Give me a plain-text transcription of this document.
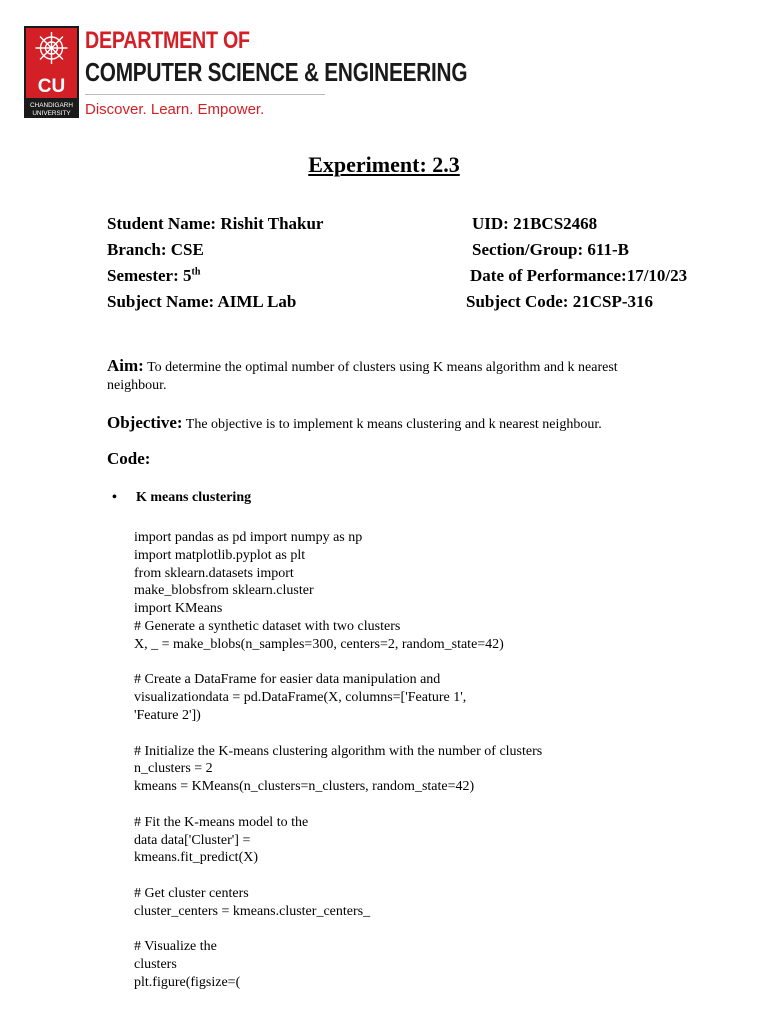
CU
CHANDIGARH
UNIVERSITY
DEPARTMENT OF
COMPUTER SCIENCE & ENGINEERING
Discover. Learn. Empower.
Experiment: 2.3
Student Name: Rishit Thakur	UID: 21BCS2468
Branch: CSE	Section/Group: 611-B
Semester: 5th	Date of Performance:17/10/23
Subject Name: AIML Lab	Subject Code: 21CSP-316
Aim: To determine the optimal number of clusters using K means algorithm and k nearest neighbour.
Objective: The objective is to implement k means clustering and k nearest neighbour.
Code:
• K means clustering
import pandas as pd import numpy as np
import matplotlib.pyplot as plt
from sklearn.datasets import
make_blobsfrom sklearn.cluster
import KMeans
# Generate a synthetic dataset with two clusters
X, _ = make_blobs(n_samples=300, centers=2, random_state=42)
# Create a DataFrame for easier data manipulation and
visualizationdata = pd.DataFrame(X, columns=['Feature 1',
'Feature 2'])
# Initialize the K-means clustering algorithm with the number of clusters
n_clusters = 2
kmeans = KMeans(n_clusters=n_clusters, random_state=42)
# Fit the K-means model to the
data data['Cluster'] =
kmeans.fit_predict(X)
# Get cluster centers
cluster_centers = kmeans.cluster_centers_
# Visualize the
clusters
plt.figure(figsize=(
